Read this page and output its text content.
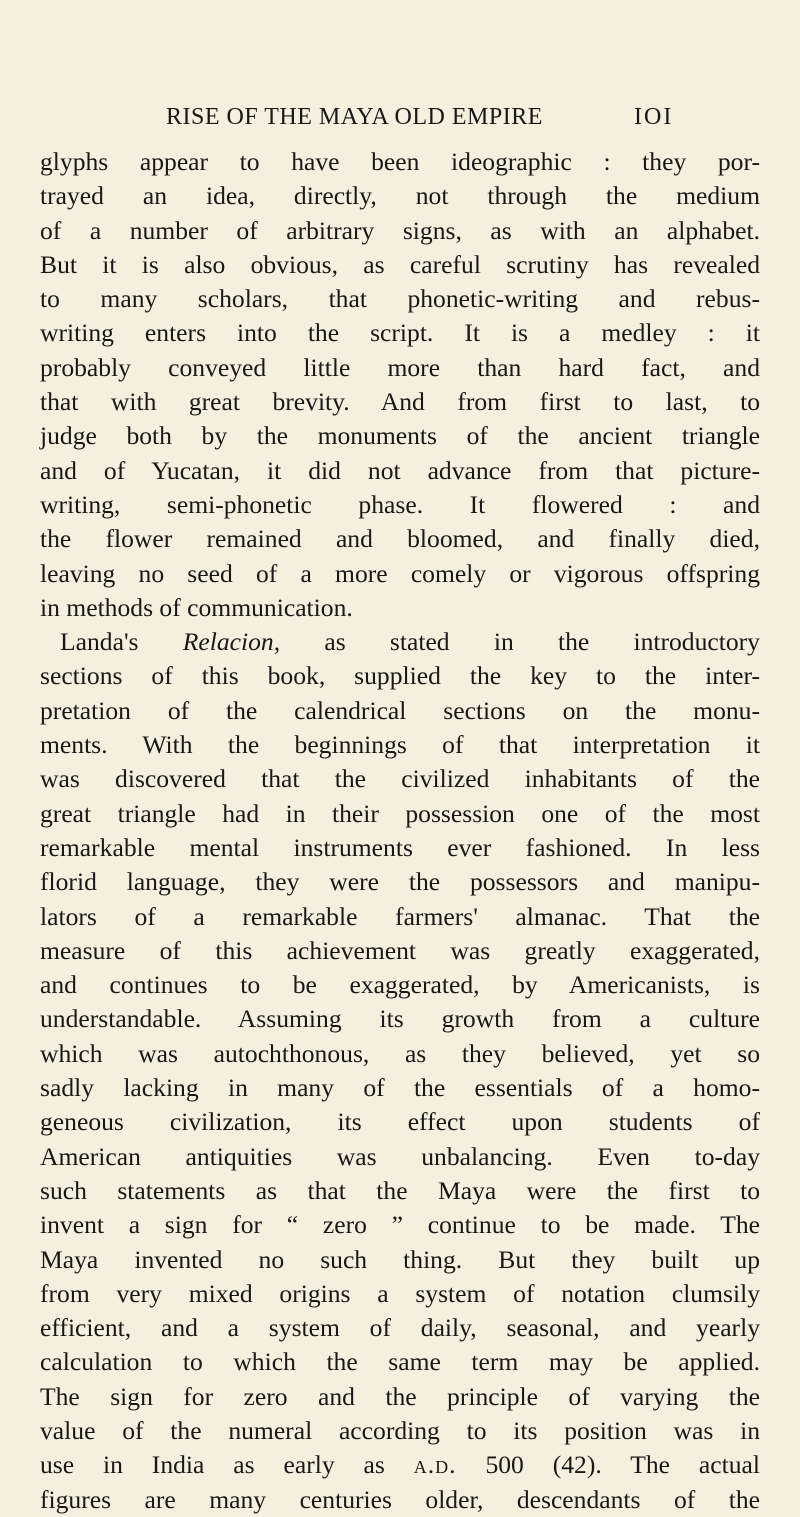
RISE OF THE MAYA OLD EMPIRE	IOI
glyphs appear to have been ideographic : they por-
trayed an idea, directly, not through the medium
of a number of arbitrary signs, as with an alphabet.
But it is also obvious, as careful scrutiny has revealed
to many scholars, that phonetic-writing and rebus-
writing enters into the script. It is a medley : it
probably conveyed little more than hard fact, and
that with great brevity. And from first to last, to
judge both by the monuments of the ancient triangle
and of Yucatan, it did not advance from that picture-
writing, semi-phonetic phase. It flowered : and
the flower remained and bloomed, and finally died,
leaving no seed of a more comely or vigorous offspring
in methods of communication.
Landa's Relacion, as stated in the introductory
sections of this book, supplied the key to the inter-
pretation of the calendrical sections on the monu-
ments. With the beginnings of that interpretation it
was discovered that the civilized inhabitants of the
great triangle had in their possession one of the most
remarkable mental instruments ever fashioned. In less
florid language, they were the possessors and manipu-
lators of a remarkable farmers' almanac. That the
measure of this achievement was greatly exaggerated,
and continues to be exaggerated, by Americanists, is
understandable. Assuming its growth from a culture
which was autochthonous, as they believed, yet so
sadly lacking in many of the essentials of a homo-
geneous civilization, its effect upon students of
American antiquities was unbalancing. Even to-day
such statements as that the Maya were the first to
invent a sign for “ zero ” continue to be made. The
Maya invented no such thing. But they built up
from very mixed origins a system of notation clumsily
efficient, and a system of daily, seasonal, and yearly
calculation to which the same term may be applied.
The sign for zero and the principle of varying the
value of the numeral according to its position was in
use in India as early as a.d. 500 (42). The actual
figures are many centuries older, descendants of the
